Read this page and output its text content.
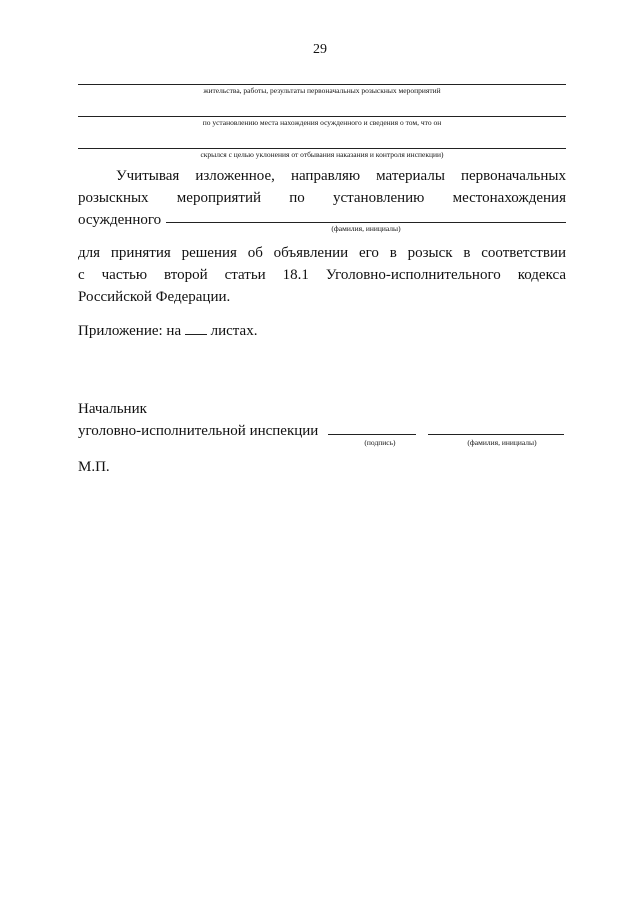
29
жительства, работы, результаты первоначальных розыскных мероприятий
по установлению места нахождения осужденного и сведения о том, что он
скрылся с целью уклонения от отбывания наказания и контроля инспекции)
Учитывая изложенное, направляю материалы первоначальных
розыскных мероприятий по установлению местонахождения
осужденного
(фамилия, инициалы)
для принятия решения об объявлении его в розыск в соответствии
с частью второй статьи 18.1 Уголовно-исполнительного кодекса
Российской Федерации.
Приложение: на листах.
Начальник
уголовно-исполнительной инспекции
(подпись)	(фамилия, инициалы)
М.П.
